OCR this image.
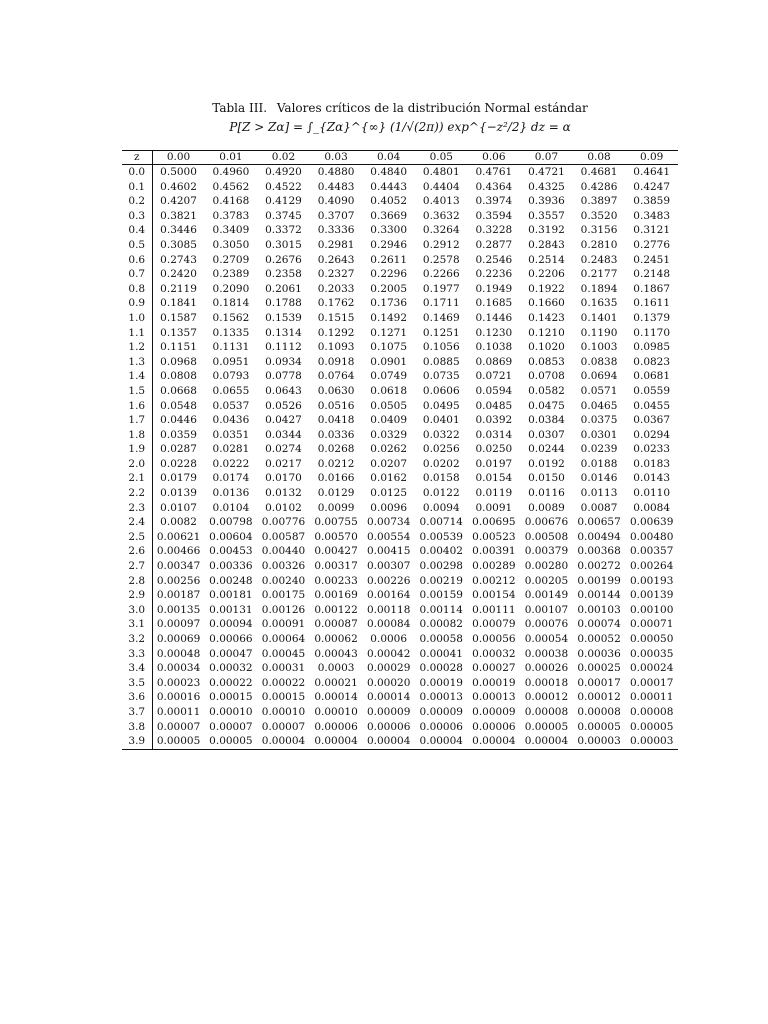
Tabla III. Valores críticos de la distribución Normal estándar
P[Z > Zα] = ∫_{Zα}^{∞} (1/√(2π)) exp^{−z²/2} dz = α
z	0.00	0.01	0.02	0.03	0.04	0.05	0.06	0.07	0.08	0.09
0.0	0.5000	0.4960	0.4920	0.4880	0.4840	0.4801	0.4761	0.4721	0.4681	0.4641
0.1	0.4602	0.4562	0.4522	0.4483	0.4443	0.4404	0.4364	0.4325	0.4286	0.4247
0.2	0.4207	0.4168	0.4129	0.4090	0.4052	0.4013	0.3974	0.3936	0.3897	0.3859
0.3	0.3821	0.3783	0.3745	0.3707	0.3669	0.3632	0.3594	0.3557	0.3520	0.3483
0.4	0.3446	0.3409	0.3372	0.3336	0.3300	0.3264	0.3228	0.3192	0.3156	0.3121
0.5	0.3085	0.3050	0.3015	0.2981	0.2946	0.2912	0.2877	0.2843	0.2810	0.2776
0.6	0.2743	0.2709	0.2676	0.2643	0.2611	0.2578	0.2546	0.2514	0.2483	0.2451
0.7	0.2420	0.2389	0.2358	0.2327	0.2296	0.2266	0.2236	0.2206	0.2177	0.2148
0.8	0.2119	0.2090	0.2061	0.2033	0.2005	0.1977	0.1949	0.1922	0.1894	0.1867
0.9	0.1841	0.1814	0.1788	0.1762	0.1736	0.1711	0.1685	0.1660	0.1635	0.1611
1.0	0.1587	0.1562	0.1539	0.1515	0.1492	0.1469	0.1446	0.1423	0.1401	0.1379
1.1	0.1357	0.1335	0.1314	0.1292	0.1271	0.1251	0.1230	0.1210	0.1190	0.1170
1.2	0.1151	0.1131	0.1112	0.1093	0.1075	0.1056	0.1038	0.1020	0.1003	0.0985
1.3	0.0968	0.0951	0.0934	0.0918	0.0901	0.0885	0.0869	0.0853	0.0838	0.0823
1.4	0.0808	0.0793	0.0778	0.0764	0.0749	0.0735	0.0721	0.0708	0.0694	0.0681
1.5	0.0668	0.0655	0.0643	0.0630	0.0618	0.0606	0.0594	0.0582	0.0571	0.0559
1.6	0.0548	0.0537	0.0526	0.0516	0.0505	0.0495	0.0485	0.0475	0.0465	0.0455
1.7	0.0446	0.0436	0.0427	0.0418	0.0409	0.0401	0.0392	0.0384	0.0375	0.0367
1.8	0.0359	0.0351	0.0344	0.0336	0.0329	0.0322	0.0314	0.0307	0.0301	0.0294
1.9	0.0287	0.0281	0.0274	0.0268	0.0262	0.0256	0.0250	0.0244	0.0239	0.0233
2.0	0.0228	0.0222	0.0217	0.0212	0.0207	0.0202	0.0197	0.0192	0.0188	0.0183
2.1	0.0179	0.0174	0.0170	0.0166	0.0162	0.0158	0.0154	0.0150	0.0146	0.0143
2.2	0.0139	0.0136	0.0132	0.0129	0.0125	0.0122	0.0119	0.0116	0.0113	0.0110
2.3	0.0107	0.0104	0.0102	0.0099	0.0096	0.0094	0.0091	0.0089	0.0087	0.0084
2.4	0.0082	0.00798	0.00776	0.00755	0.00734	0.00714	0.00695	0.00676	0.00657	0.00639
2.5	0.00621	0.00604	0.00587	0.00570	0.00554	0.00539	0.00523	0.00508	0.00494	0.00480
2.6	0.00466	0.00453	0.00440	0.00427	0.00415	0.00402	0.00391	0.00379	0.00368	0.00357
2.7	0.00347	0.00336	0.00326	0.00317	0.00307	0.00298	0.00289	0.00280	0.00272	0.00264
2.8	0.00256	0.00248	0.00240	0.00233	0.00226	0.00219	0.00212	0.00205	0.00199	0.00193
2.9	0.00187	0.00181	0.00175	0.00169	0.00164	0.00159	0.00154	0.00149	0.00144	0.00139
3.0	0.00135	0.00131	0.00126	0.00122	0.00118	0.00114	0.00111	0.00107	0.00103	0.00100
3.1	0.00097	0.00094	0.00091	0.00087	0.00084	0.00082	0.00079	0.00076	0.00074	0.00071
3.2	0.00069	0.00066	0.00064	0.00062	0.0006	0.00058	0.00056	0.00054	0.00052	0.00050
3.3	0.00048	0.00047	0.00045	0.00043	0.00042	0.00041	0.00032	0.00038	0.00036	0.00035
3.4	0.00034	0.00032	0.00031	0.0003	0.00029	0.00028	0.00027	0.00026	0.00025	0.00024
3.5	0.00023	0.00022	0.00022	0.00021	0.00020	0.00019	0.00019	0.00018	0.00017	0.00017
3.6	0.00016	0.00015	0.00015	0.00014	0.00014	0.00013	0.00013	0.00012	0.00012	0.00011
3.7	0.00011	0.00010	0.00010	0.00010	0.00009	0.00009	0.00009	0.00008	0.00008	0.00008
3.8	0.00007	0.00007	0.00007	0.00006	0.00006	0.00006	0.00006	0.00005	0.00005	0.00005
3.9	0.00005	0.00005	0.00004	0.00004	0.00004	0.00004	0.00004	0.00004	0.00003	0.00003
